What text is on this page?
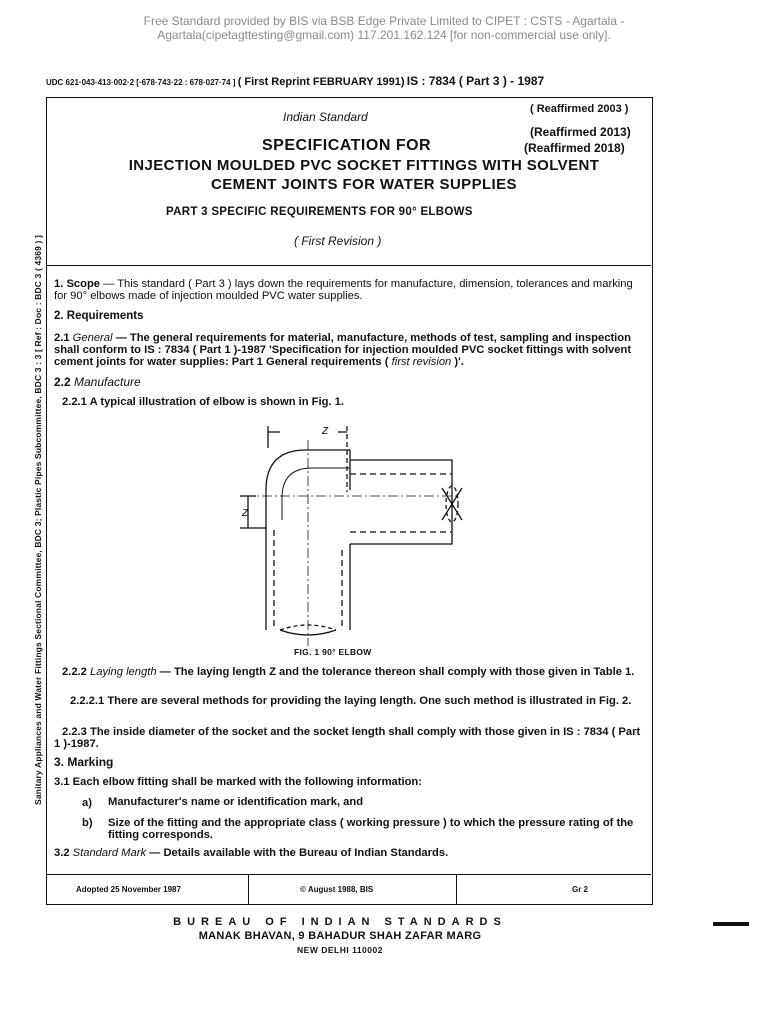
Free Standard provided by BIS via BSB Edge Private Limited to CIPET : CSTS - Agartala -
Agartala(cipetagttesting@gmail.com) 117.201.162.124 [for non-commercial use only].
UDC 621·043·413·002·2 [·678·743·22 : 678·027·74 ] ( First Reprint FEBRUARY 1991) IS : 7834 ( Part 3 ) - 1987
Sanitary Appliances and Water Fittings Sectional Committee, BDC 3; Plastic Pipes Subcommittee, BDC 3 : 3 [ Ref : Doc : BDC 3 ( 4369 ) ]
Indian Standard
( Reaffirmed 2003 )
(Reaffirmed 2013)
(Reaffirmed 2018)
SPECIFICATION FOR
INJECTION MOULDED PVC SOCKET FITTINGS WITH SOLVENT
CEMENT JOINTS FOR WATER SUPPLIES
PART 3 SPECIFIC REQUIREMENTS FOR 90° ELBOWS
( First Revision )
1. Scope — This standard ( Part 3 ) lays down the requirements for manufacture, dimension, tolerances and marking for 90° elbows made of injection moulded PVC water supplies.
2. Requirements
2.1 General — The general requirements for material, manufacture, methods of test, sampling and inspection shall conform to IS : 7834 ( Part 1 )-1987 'Specification for injection moulded PVC socket fittings with solvent cement joints for water supplies: Part 1 General requirements ( first revision )'.
2.2 Manufacture
2.2.1 A typical illustration of elbow is shown in Fig. 1.
Z
Z
FIG. 1 90° ELBOW
2.2.2 Laying length — The laying length Z and the tolerance thereon shall comply with those given in Table 1.
2.2.2.1 There are several methods for providing the laying length. One such method is illustrated in Fig. 2.
2.2.3 The inside diameter of the socket and the socket length shall comply with those given in IS : 7834 ( Part 1 )-1987.
3. Marking
3.1 Each elbow fitting shall be marked with the following information:
a)	Manufacturer's name or identification mark, and
b)	Size of the fitting and the appropriate class ( working pressure ) to which the pressure rating of the fitting corresponds.
3.2 Standard Mark — Details available with the Bureau of Indian Standards.
Adopted 25 November 1987	© August 1988, BIS	Gr 2
BUREAU OF INDIAN STANDARDS
MANAK BHAVAN, 9 BAHADUR SHAH ZAFAR MARG
NEW DELHI 110002
